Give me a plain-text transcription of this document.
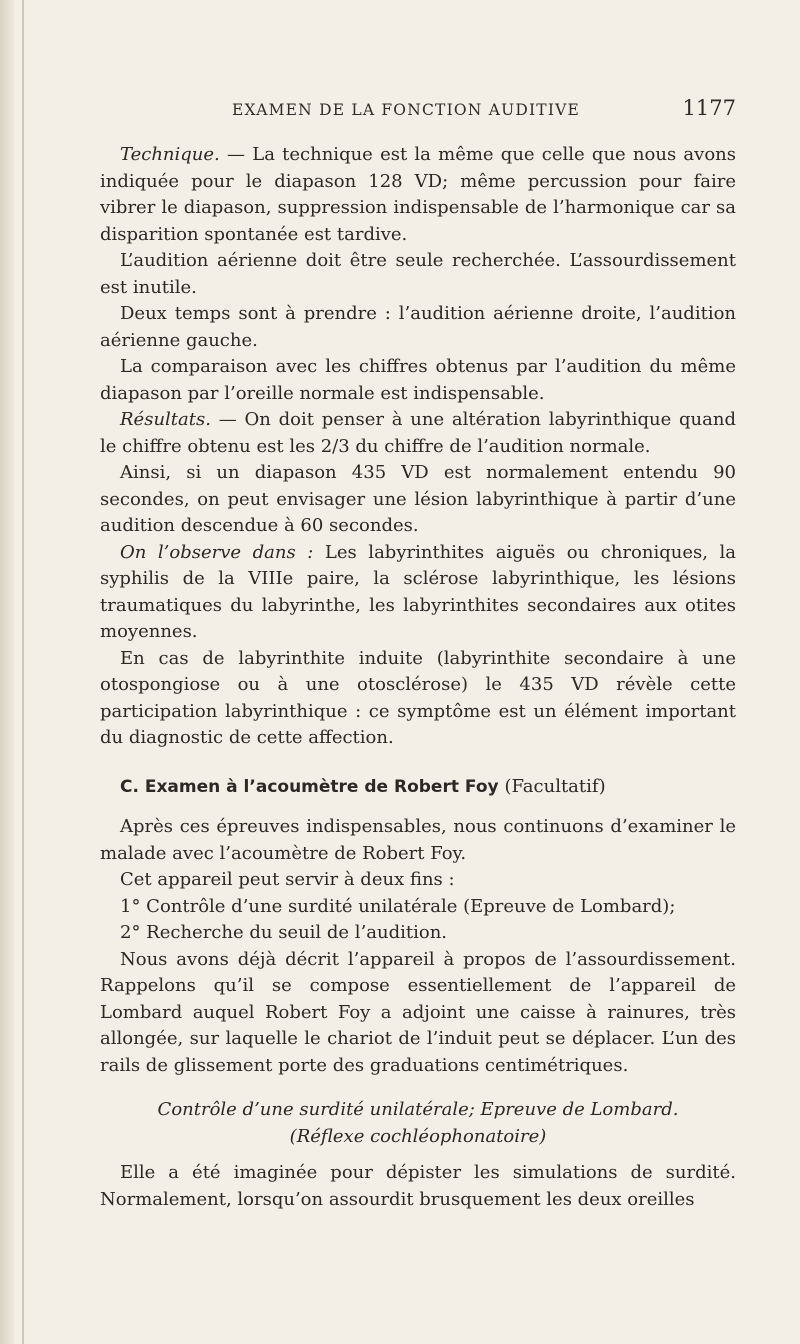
EXAMEN DE LA FONCTION AUDITIVE	1177

Technique. — La technique est la même que celle que nous avons indiquée pour le diapason 128 VD; même percussion pour faire vibrer le diapason, suppression indispensable de l’harmonique car sa disparition spontanée est tardive.

L’audition aérienne doit être seule recherchée. L’assourdissement est inutile.

Deux temps sont à prendre : l’audition aérienne droite, l’audition aérienne gauche.

La comparaison avec les chiffres obtenus par l’audition du même diapason par l’oreille normale est indispensable.

Résultats. — On doit penser à une altération labyrinthique quand le chiffre obtenu est les 2/3 du chiffre de l’audition normale.

Ainsi, si un diapason 435 VD est normalement entendu 90 secondes, on peut envisager une lésion labyrinthique à partir d’une audition descendue à 60 secondes.

On l’observe dans : Les labyrinthites aiguës ou chroniques, la syphilis de la VIIIe paire, la sclérose labyrinthique, les lésions traumatiques du labyrinthe, les labyrinthites secondaires aux otites moyennes.

En cas de labyrinthite induite (labyrinthite secondaire à une otospongiose ou à une otosclérose) le 435 VD révèle cette participation labyrinthique : ce symptôme est un élément important du diagnostic de cette affection.

C. Examen à l’acoumètre de Robert Foy (Facultatif)

Après ces épreuves indispensables, nous continuons d’examiner le malade avec l’acoumètre de Robert Foy.

Cet appareil peut servir à deux fins :

1° Contrôle d’une surdité unilatérale (Epreuve de Lombard);

2° Recherche du seuil de l’audition.

Nous avons déjà décrit l’appareil à propos de l’assourdissement. Rappelons qu’il se compose essentiellement de l’appareil de Lombard auquel Robert Foy a adjoint une caisse à rainures, très allongée, sur laquelle le chariot de l’induit peut se déplacer. L’un des rails de glissement porte des graduations centimétriques.

Contrôle d’une surdité unilatérale; Epreuve de Lombard.

(Réflexe cochléophonatoire)

Elle a été imaginée pour dépister les simulations de surdité. Normalement, lorsqu’on assourdit brusquement les deux oreilles
